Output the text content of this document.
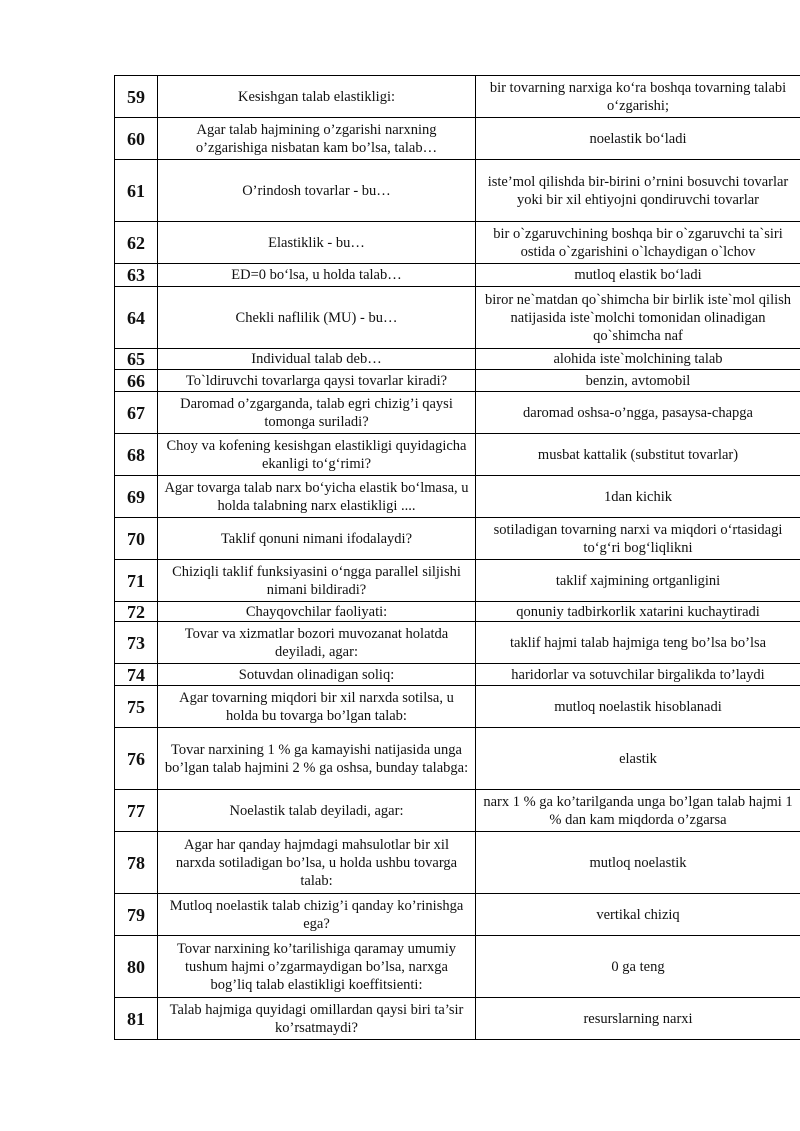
59	Kesishgan talab elastikligi:	bir tovarning narxiga ko‘ra boshqa tovarning talabi o‘zgarishi;
60	Agar talab hajmining o’zgarishi narxning o’zgarishiga nisbatan kam bo’lsa, talab…	noelastik bo‘ladi
61	O’rindosh tovarlar - bu…	iste’mol qilishda bir-birini o’rnini bosuvchi tovarlar yoki bir xil ehtiyojni qondiruvchi tovarlar
62	Elastiklik - bu…	bir o`zgaruvchining boshqa bir o`zgaruvchi ta`siri ostida o`zgarishini o`lchaydigan o`lchov
63	ED=0 bo‘lsa, u holda talab…	mutloq elastik bo‘ladi
64	Chekli naflilik (MU) - bu…	biror ne`matdan qo`shimcha bir birlik iste`mol qilish natijasida iste`molchi tomonidan olinadigan qo`shimcha naf
65	Individual talab deb…	alohida iste`molchining talab
66	To`ldiruvchi tovarlarga qaysi tovarlar kiradi?	benzin, avtomobil
67	Daromad o’zgarganda, talab egri chizig’i qaysi tomonga suriladi?	daromad oshsa-o’ngga, pasaysa-chapga
68	Choy va kofening kesishgan elastikligi quyidagicha ekanligi to‘g‘rimi?	musbat kattalik (substitut tovarlar)
69	Agar tovarga talab narx bo‘yicha elastik bo‘lmasa, u holda talabning narx elastikligi ....	1dan kichik
70	Taklif qonuni nimani ifodalaydi?	sotiladigan tovarning narxi va miqdori o‘rtasidagi to‘g‘ri bog‘liqlikni
71	Chiziqli taklif funksiyasini o‘ngga parallel siljishi nimani bildiradi?	taklif xajmining ortganligini
72	Chayqovchilar faoliyati:	qonuniy tadbirkorlik xatarini kuchaytiradi
73	Tovar va xizmatlar bozori muvozanat holatda deyiladi, agar:	taklif hajmi talab hajmiga teng bo’lsa bo’lsa
74	Sotuvdan olinadigan soliq:	haridorlar va sotuvchilar birgalikda to’laydi
75	Agar tovarning miqdori bir xil narxda sotilsa, u holda bu tovarga bo’lgan talab:	mutloq noelastik hisoblanadi
76	Tovar narxining 1 % ga kamayishi natijasida unga bo’lgan talab hajmini 2 % ga oshsa, bunday talabga:	elastik
77	Noelastik talab deyiladi, agar:	narx 1 % ga ko’tarilganda unga bo’lgan talab hajmi 1 % dan kam miqdorda o’zgarsa
78	Agar har qanday hajmdagi mahsulotlar bir xil narxda sotiladigan bo’lsa, u holda ushbu tovarga talab:	mutloq noelastik
79	Mutloq noelastik talab chizig’i qanday ko’rinishga ega?	vertikal chiziq
80	Tovar narxining ko’tarilishiga qaramay umumiy tushum hajmi o’zgarmaydigan bo’lsa, narxga bog’liq talab elastikligi koeffitsienti:	0 ga teng
81	Talab hajmiga quyidagi omillardan qaysi biri ta’sir ko’rsatmaydi?	resurslarning narxi
